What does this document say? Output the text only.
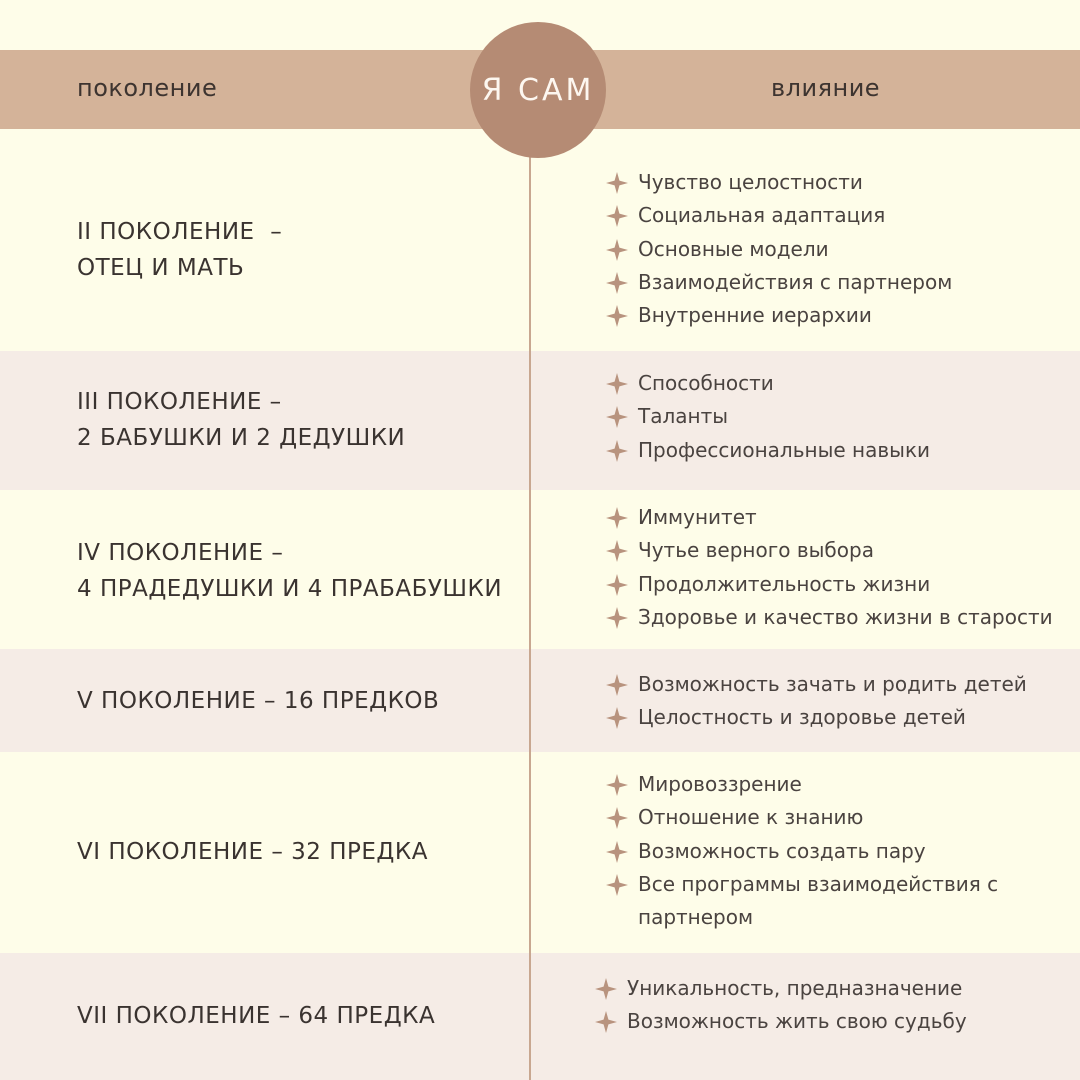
поколение	влияние
Я САМ
II ПОКОЛЕНИЕ  –
ОТЕЦ И МАТЬ
Чувство целостности
Социальная адаптация
Основные модели
Взаимодействия с партнером
Внутренние иерархии
III ПОКОЛЕНИЕ –
2 БАБУШКИ И 2 ДЕДУШКИ
Способности
Таланты
Профессиональные навыки
IV ПОКОЛЕНИЕ –
4 ПРАДЕДУШКИ И 4 ПРАБАБУШКИ
Иммунитет
Чутье верного выбора
Продолжительность жизни
Здоровье и качество жизни в старости
V ПОКОЛЕНИЕ – 16 ПРЕДКОВ
Возможность зачать и родить детей
Целостность и здоровье детей
VI ПОКОЛЕНИЕ – 32 ПРЕДКА
Мировоззрение
Отношение к знанию
Возможность создать пару
Все программы взаимодействия с
партнером
VII ПОКОЛЕНИЕ – 64 ПРЕДКА
Уникальность, предназначение
Возможность жить свою судьбу
